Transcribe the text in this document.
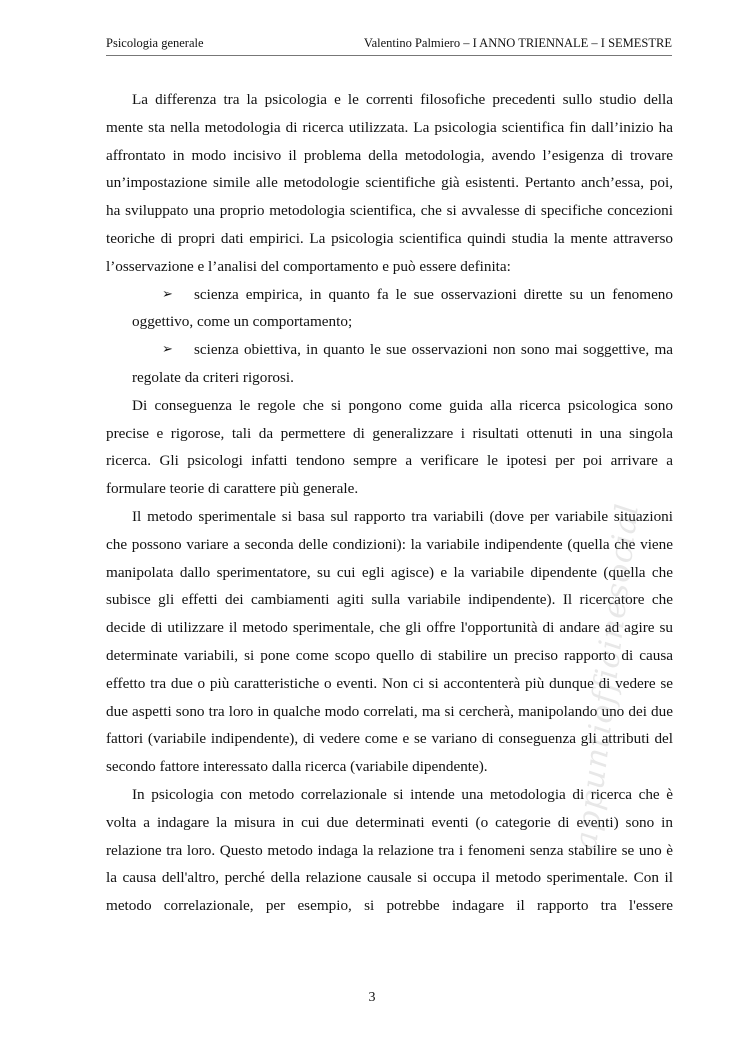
Psicologia generale	Valentino Palmiero – I ANNO TRIENNALE – I SEMESTRE

La differenza tra la psicologia e le correnti filosofiche precedenti sullo studio della mente sta nella metodologia di ricerca utilizzata. La psicologia scientifica fin dall’inizio ha affrontato in modo incisivo il problema della metodologia, avendo l’esigenza di trovare un’impostazione simile alle metodologie scientifiche già esistenti. Pertanto anch’essa, poi, ha sviluppato una proprio metodologia scientifica, che si avvalesse di specifiche concezioni teoriche di propri dati empirici. La psicologia scientifica quindi studia la mente attraverso l’osservazione e l’analisi del comportamento e può essere definita:

➢ scienza empirica, in quanto fa le sue osservazioni dirette su un fenomeno oggettivo, come un comportamento;
➢ scienza obiettiva, in quanto le sue osservazioni non sono mai soggettive, ma regolate da criteri rigorosi.

Di conseguenza le regole che si pongono come guida alla ricerca psicologica sono precise e rigorose, tali da permettere di generalizzare i risultati ottenuti in una singola ricerca. Gli psicologi infatti tendono sempre a verificare le ipotesi per poi arrivare a formulare teorie di carattere più generale.

Il metodo sperimentale si basa sul rapporto tra variabili (dove per variabile situazioni che possono variare a seconda delle condizioni): la variabile indipendente (quella che viene manipolata dallo sperimentatore, su cui egli agisce) e la variabile dipendente (quella che subisce gli effetti dei cambiamenti agiti sulla variabile indipendente). Il ricercatore che decide di utilizzare il metodo sperimentale, che gli offre l'opportunità di andare ad agire su determinate variabili, si pone come scopo quello di stabilire un preciso rapporto di causa effetto tra due o più caratteristiche o eventi. Non ci si accontenterà più dunque di vedere se due aspetti sono tra loro in qualche modo correlati, ma si cercherà, manipolando uno dei due fattori (variabile indipendente), di vedere come e se variano di conseguenza gli attributi del secondo fattore interessato dalla ricerca (variabile dipendente).

In psicologia con metodo correlazionale si intende una metodologia di ricerca che è volta a indagare la misura in cui due determinati eventi (o categorie di eventi) sono in relazione tra loro. Questo metodo indaga la relazione tra i fenomeni senza stabilire se uno è la causa dell'altro, perché della relazione causale si occupa il metodo sperimentale. Con il metodo correlazionale, per esempio, si potrebbe indagare il rapporto tra l'essere

appuntiofficinesocial
3
